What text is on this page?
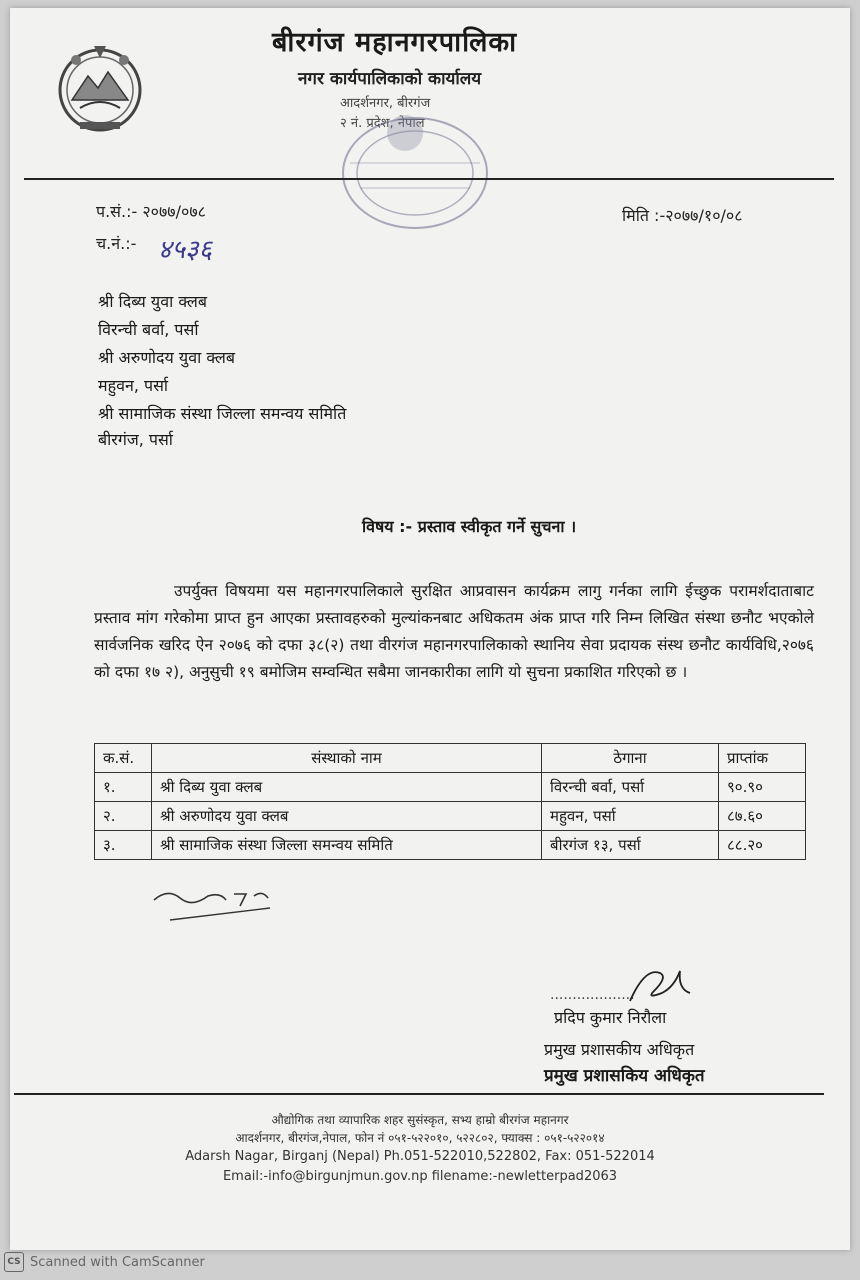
बीरगंज महानगरपालिका
नगर कार्यपालिकाको कार्यालय
आदर्शनगर, बीरगंज
२ नं. प्रदेश, नेपाल
प.सं.:- २०७७/०७८
च.नं.:- ४५३६
मिति :-२०७७/१०/०८
श्री दिब्य युवा क्लब
विरन्ची बर्वा, पर्सा
श्री अरुणोदय युवा क्लब
महुवन, पर्सा
श्री सामाजिक संस्था जिल्ला समन्वय समिति
बीरगंज, पर्सा
विषय :- प्रस्ताव स्वीकृत गर्ने सुचना ।
उपर्युक्त विषयमा यस महानगरपालिकाले सुरक्षित आप्रवासन कार्यक्रम लागु गर्नका लागि ईच्छुक परामर्शदाताबाट प्रस्ताव मांग गरेकोमा प्राप्त हुन आएका प्रस्तावहरुको मुल्यांकनबाट अधिकतम अंक प्राप्त गरि निम्न लिखित संस्था छनौट भएकोले सार्वजनिक खरिद ऐन २०७६ को दफा ३८(२) तथा वीरगंज महानगरपालिकाको स्थानिय सेवा प्रदायक संस्थ छनौट कार्यविधि,२०७६ को दफा १७ २), अनुसुची १९ बमोजिम सम्वन्धित सबैमा जानकारीका लागि यो सुचना प्रकाशित गरिएको छ ।
क.सं.	संस्थाको नाम	ठेगाना	प्राप्तांक
१.	श्री दिब्य युवा क्लब	विरन्ची बर्वा, पर्सा	९०.९०
२.	श्री अरुणोदय युवा क्लब	महुवन, पर्सा	८७.६०
३.	श्री सामाजिक संस्था जिल्ला समन्वय समिति	बीरगंज १३, पर्सा	८८.२०
...................
प्रदिप कुमार निरौला
प्रमुख प्रशासकीय अधिकृत
प्रमुख प्रशासकिय अधिकृत
औद्योगिक तथा व्यापारिक शहर सुसंस्कृत, सभ्य हाम्रो बीरगंज महानगर
आदर्शनगर, बीरगंज,नेपाल, फोन नं ०५१-५२२०१०, ५२२८०२, फ्याक्स : ०५१-५२२०१४
Adarsh Nagar, Birganj (Nepal) Ph.051-522010,522802, Fax: 051-522014
Email:-info@birgunjmun.gov.np filename:-newletterpad2063
CS Scanned with CamScanner
